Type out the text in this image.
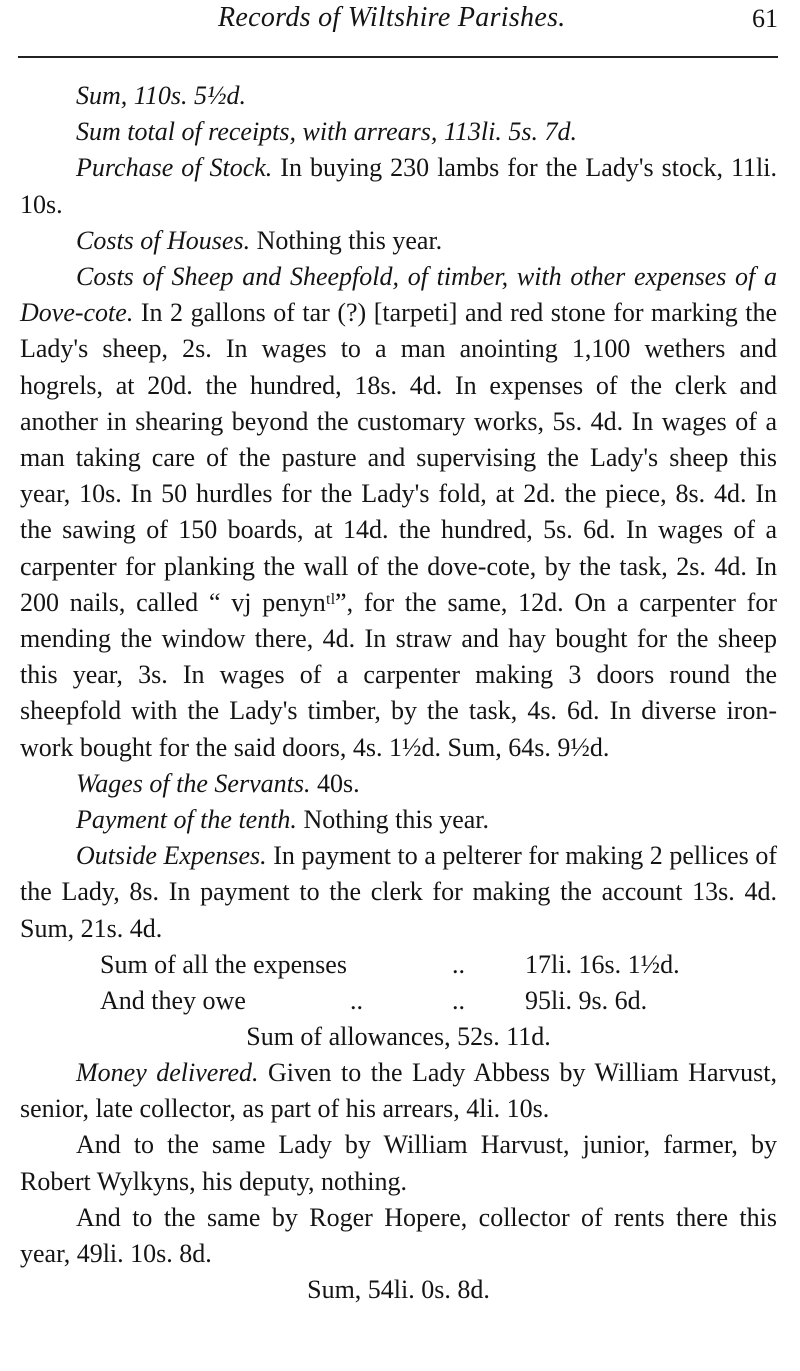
Records of Wiltshire Parishes.	61

Sum, 110s. 5½d.

Sum total of receipts, with arrears, 113li. 5s. 7d.

Purchase of Stock. In buying 230 lambs for the Lady's stock, 11li. 10s.

Costs of Houses. Nothing this year.

Costs of Sheep and Sheepfold, of timber, with other expenses of a Dove-cote. In 2 gallons of tar (?) [tarpeti] and red stone for marking the Lady's sheep, 2s. In wages to a man anointing 1,100 wethers and hogrels, at 20d. the hundred, 18s. 4d. In expenses of the clerk and another in shearing beyond the customary works, 5s. 4d. In wages of a man taking care of the pasture and supervising the Lady's sheep this year, 10s. In 50 hurdles for the Lady's fold, at 2d. the piece, 8s. 4d. In the sawing of 150 boards, at 14d. the hundred, 5s. 6d. In wages of a carpenter for planking the wall of the dove-cote, by the task, 2s. 4d. In 200 nails, called “ vj penynᵗˡ”, for the same, 12d. On a carpenter for mending the window there, 4d. In straw and hay bought for the sheep this year, 3s. In wages of a carpenter making 3 doors round the sheepfold with the Lady's timber, by the task, 4s. 6d. In diverse iron-work bought for the said doors, 4s. 1½d. Sum, 64s. 9½d.

Wages of the Servants. 40s.

Payment of the tenth. Nothing this year.

Outside Expenses. In payment to a pelterer for making 2 pellices of the Lady, 8s. In payment to the clerk for making the account 13s. 4d. Sum, 21s. 4d.

Sum of all the expenses	.. 17li. 16s. 1½d.
And they owe	..	.. 95li. 9s. 6d.

Sum of allowances, 52s. 11d.

Money delivered. Given to the Lady Abbess by William Harvust, senior, late collector, as part of his arrears, 4li. 10s.

And to the same Lady by William Harvust, junior, farmer, by Robert Wylkyns, his deputy, nothing.

And to the same by Roger Hopere, collector of rents there this year, 49li. 10s. 8d.

Sum, 54li. 0s. 8d.
